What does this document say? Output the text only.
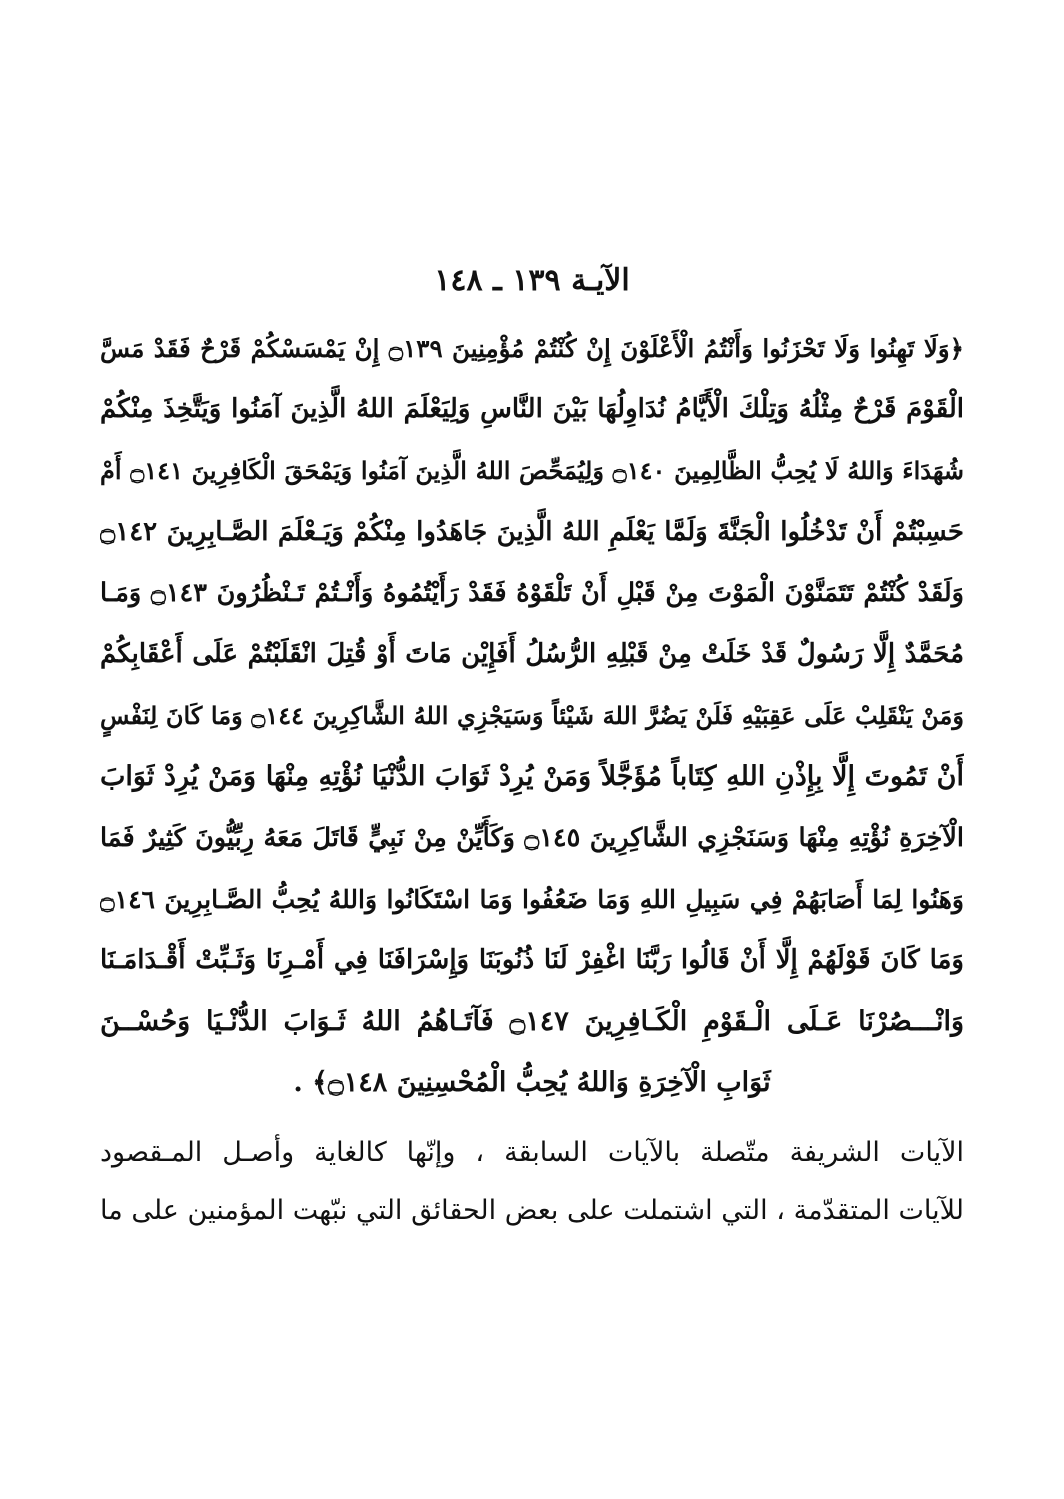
الآيـة ١٣٩ ـ ١٤٨
﴿وَلَا تَهِنُوا وَلَا تَحْزَنُوا وَأَنْتُمُ الْأَعْلَوْنَ إِنْ كُنْتُمْ مُؤْمِنِينَ ۝١٣٩ إِنْ يَمْسَسْكُمْ قَرْحٌ فَقَدْ مَسَّ
الْقَوْمَ قَرْحٌ مِثْلُهُ وَتِلْكَ الْأَيَّامُ نُدَاوِلُهَا بَيْنَ النَّاسِ وَلِيَعْلَمَ اللهُ الَّذِينَ آمَنُوا وَيَتَّخِذَ مِنْكُمْ
شُهَدَاءَ وَاللهُ لَا يُحِبُّ الظَّالِمِينَ ۝١٤٠ وَلِيُمَحِّصَ اللهُ الَّذِينَ آمَنُوا وَيَمْحَقَ الْكَافِرِينَ ۝١٤١ أَمْ
حَسِبْتُمْ أَنْ تَدْخُلُوا الْجَنَّةَ وَلَمَّا يَعْلَمِ اللهُ الَّذِينَ جَاهَدُوا مِنْكُمْ وَيَـعْلَمَ الصَّـابِرِينَ ۝١٤٢
وَلَقَدْ كُنْتُمْ تَتَمَنَّوْنَ الْمَوْتَ مِنْ قَبْلِ أَنْ تَلْقَوْهُ فَقَدْ رَأَيْتُمُوهُ وَأَنْـتُمْ تَـنْظُرُونَ ۝١٤٣ وَمَـا
مُحَمَّدٌ إِلَّا رَسُولٌ قَدْ خَلَتْ مِنْ قَبْلِهِ الرُّسُلُ أَفَإِيْن مَاتَ أَوْ قُتِلَ انْقَلَبْتُمْ عَلَى أَعْقَابِكُمْ
وَمَنْ يَنْقَلِبْ عَلَى عَقِبَيْهِ فَلَنْ يَضُرَّ اللهَ شَيْئاً وَسَيَجْزِي اللهُ الشَّاكِرِينَ ۝١٤٤ وَمَا كَانَ لِنَفْسٍ
أَنْ تَمُوتَ إِلَّا بِإِذْنِ اللهِ كِتَاباً مُؤَجَّلاً وَمَنْ يُرِدْ ثَوَابَ الدُّنْيَا نُؤْتِهِ مِنْهَا وَمَنْ يُرِدْ ثَوَابَ
الْآخِرَةِ نُؤْتِهِ مِنْهَا وَسَنَجْزِي الشَّاكِرِينَ ۝١٤٥ وَكَأَيِّنْ مِنْ نَبِيٍّ قَاتَلَ مَعَهُ رِبِّيُّونَ كَثِيرٌ فَمَا
وَهَنُوا لِمَا أَصَابَهُمْ فِي سَبِيلِ اللهِ وَمَا ضَعُفُوا وَمَا اسْتَكَانُوا وَاللهُ يُحِبُّ الصَّـابِرِينَ ۝١٤٦
وَمَا كَانَ قَوْلَهُمْ إِلَّا أَنْ قَالُوا رَبَّنَا اغْفِرْ لَنَا ذُنُوبَنَا وَإِسْرَافَنَا فِي أَمْـرِنَا وَثَـبِّتْ أَقْـدَامَـنَا
وَانْـــصُرْنَا عَـلَى الْـقَوْمِ الْكَـافِرِينَ ۝١٤٧ فَآتَـاهُمُ اللهُ ثَـوَابَ الدُّنْـيَا وَحُسْــنَ
ثَوَابِ الْآخِرَةِ وَاللهُ يُحِبُّ الْمُحْسِنِينَ ۝١٤٨﴾ .
الآيات الشريفة متّصلة بالآيات السابقة ، وإنّها كالغاية وأصـل المـقصود
للآيات المتقدّمة ، التي اشتملت على بعض الحقائق التي نبّهت المؤمنين على ما
